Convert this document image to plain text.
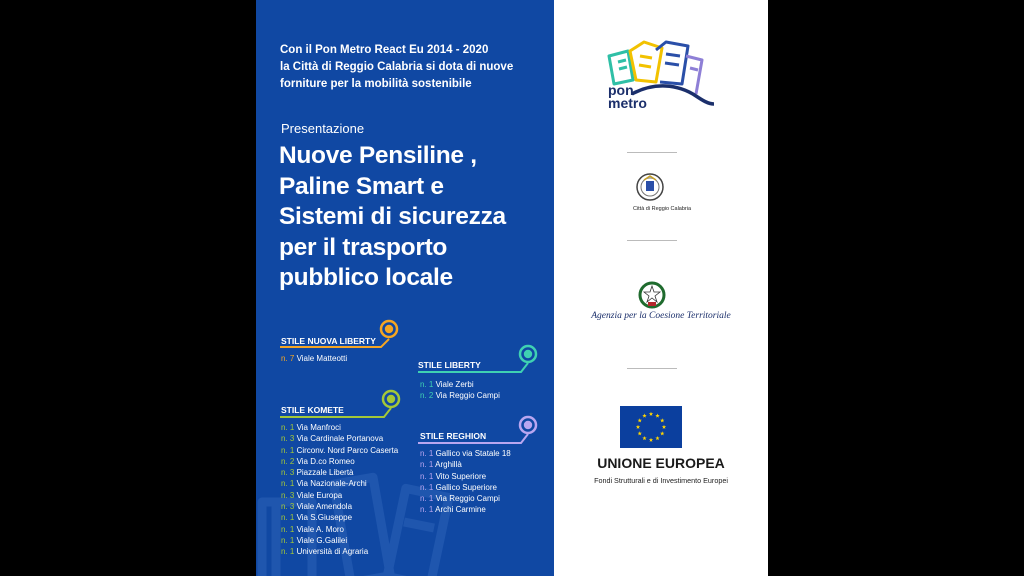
Con il Pon Metro React Eu 2014 - 2020
la Città di Reggio Calabria si dota di nuove
forniture per la mobilità sostenibile
Presentazione
Nuove Pensiline ,
Paline Smart e
Sistemi di sicurezza
per il trasporto
pubblico locale
STILE NUOVA LIBERTY
STILE LIBERTY
STILE KOMETE
STILE REGHION
n. 7 Viale Matteotti
n. 1 Viale Zerbi
n. 2 Via Reggio Campi
n. 1 Via Manfroci
n. 3 Via Cardinale Portanova
n. 1 Circonv. Nord Parco Caserta
n. 2 Via D.co Romeo
n. 3 Piazzale Libertà
n. 1 Via Nazionale-Archi
n. 3 Viale Europa
n. 3 Viale Amendola
n. 1 Via S.Giuseppe
n. 1 Viale A. Moro
n. 1 Viale G.Galilei
n. 1 Università di Agraria
n. 1 Gallico via Statale 18
n. 1 Arghillà
n. 1 Vito Superiore
n. 1 Gallico Superiore
n. 1 Via Reggio Campi
n. 1 Archi Carmine
pon
metro
Città di Reggio Calabria
Agenzia per la Coesione Territoriale
UNIONE EUROPEA
Fondi Strutturali e di Investimento Europei
